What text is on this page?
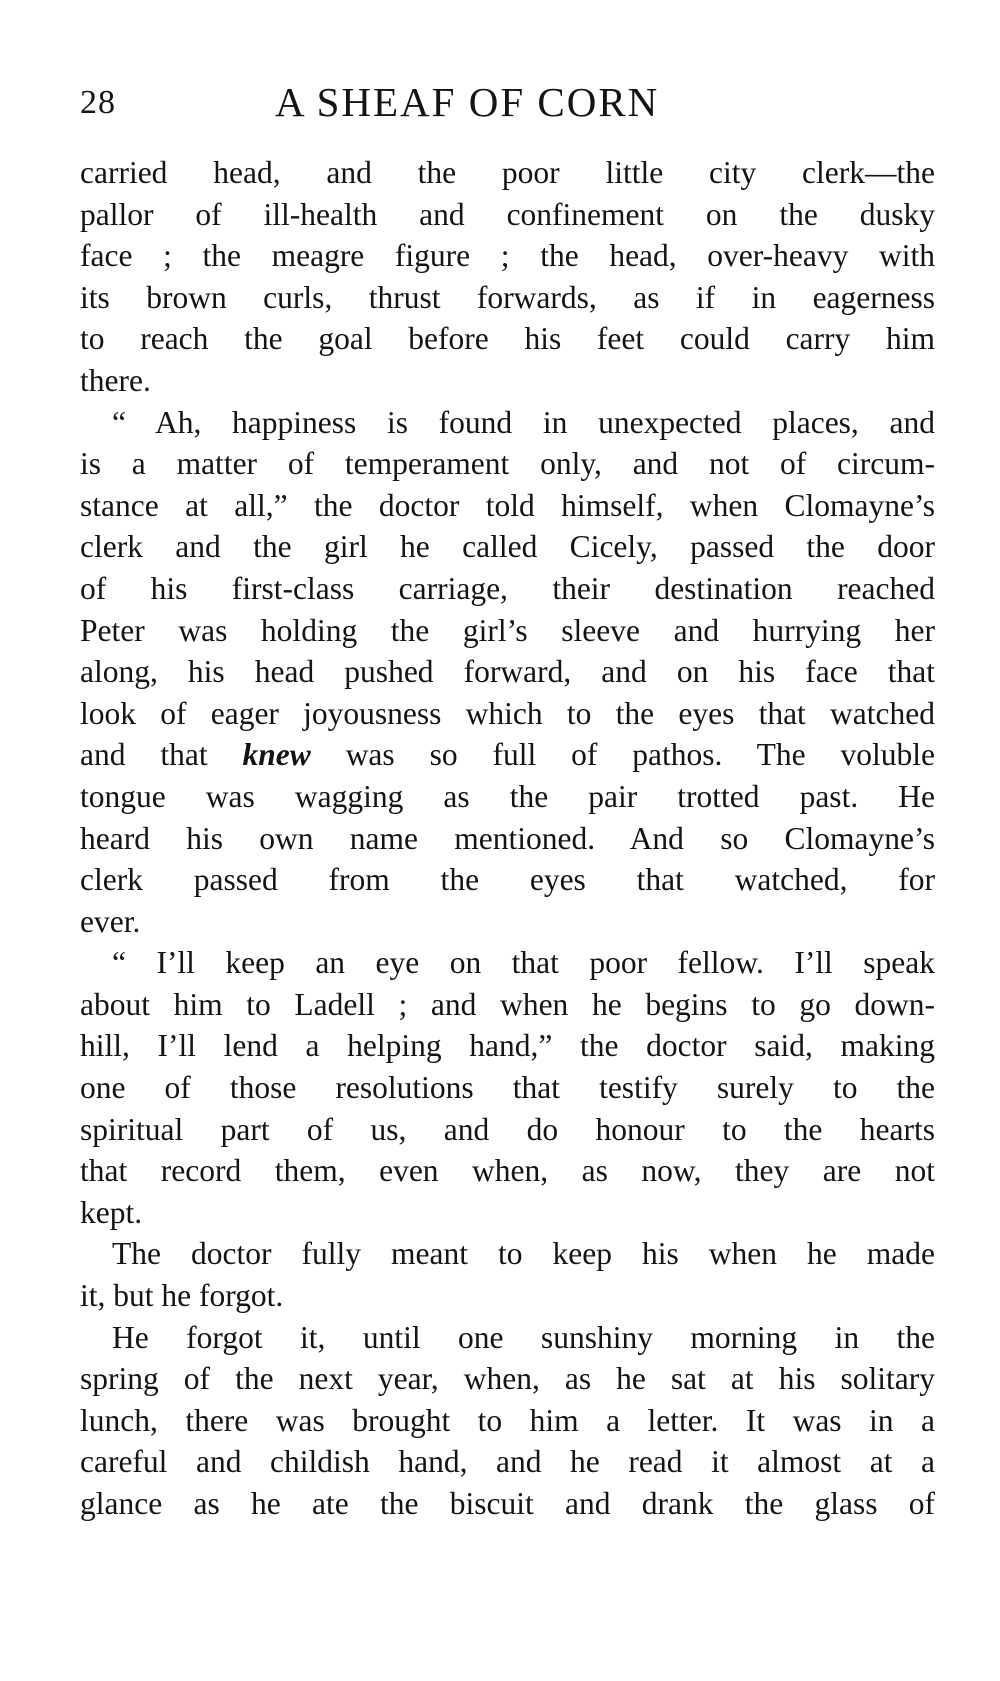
28	A SHEAF OF CORN
carried head, and the poor little city clerk—the
pallor of ill-health and confinement on the dusky
face ; the meagre figure ; the head, over-heavy with
its brown curls, thrust forwards, as if in eagerness
to reach the goal before his feet could carry him
there.
“ Ah, happiness is found in unexpected places, and
is a matter of temperament only, and not of circum-
stance at all,” the doctor told himself, when Clomayne’s
clerk and the girl he called Cicely, passed the door
of his first-class carriage, their destination reached
Peter was holding the girl’s sleeve and hurrying her
along, his head pushed forward, and on his face that
look of eager joyousness which to the eyes that watched
and that knew was so full of pathos. The voluble
tongue was wagging as the pair trotted past. He
heard his own name mentioned. And so Clomayne’s
clerk passed from the eyes that watched, for
ever.
“ I’ll keep an eye on that poor fellow. I’ll speak
about him to Ladell ; and when he begins to go down-
hill, I’ll lend a helping hand,” the doctor said, making
one of those resolutions that testify surely to the
spiritual part of us, and do honour to the hearts
that record them, even when, as now, they are not
kept.
The doctor fully meant to keep his when he made
it, but he forgot.
He forgot it, until one sunshiny morning in the
spring of the next year, when, as he sat at his solitary
lunch, there was brought to him a letter. It was in a
careful and childish hand, and he read it almost at a
glance as he ate the biscuit and drank the glass of
